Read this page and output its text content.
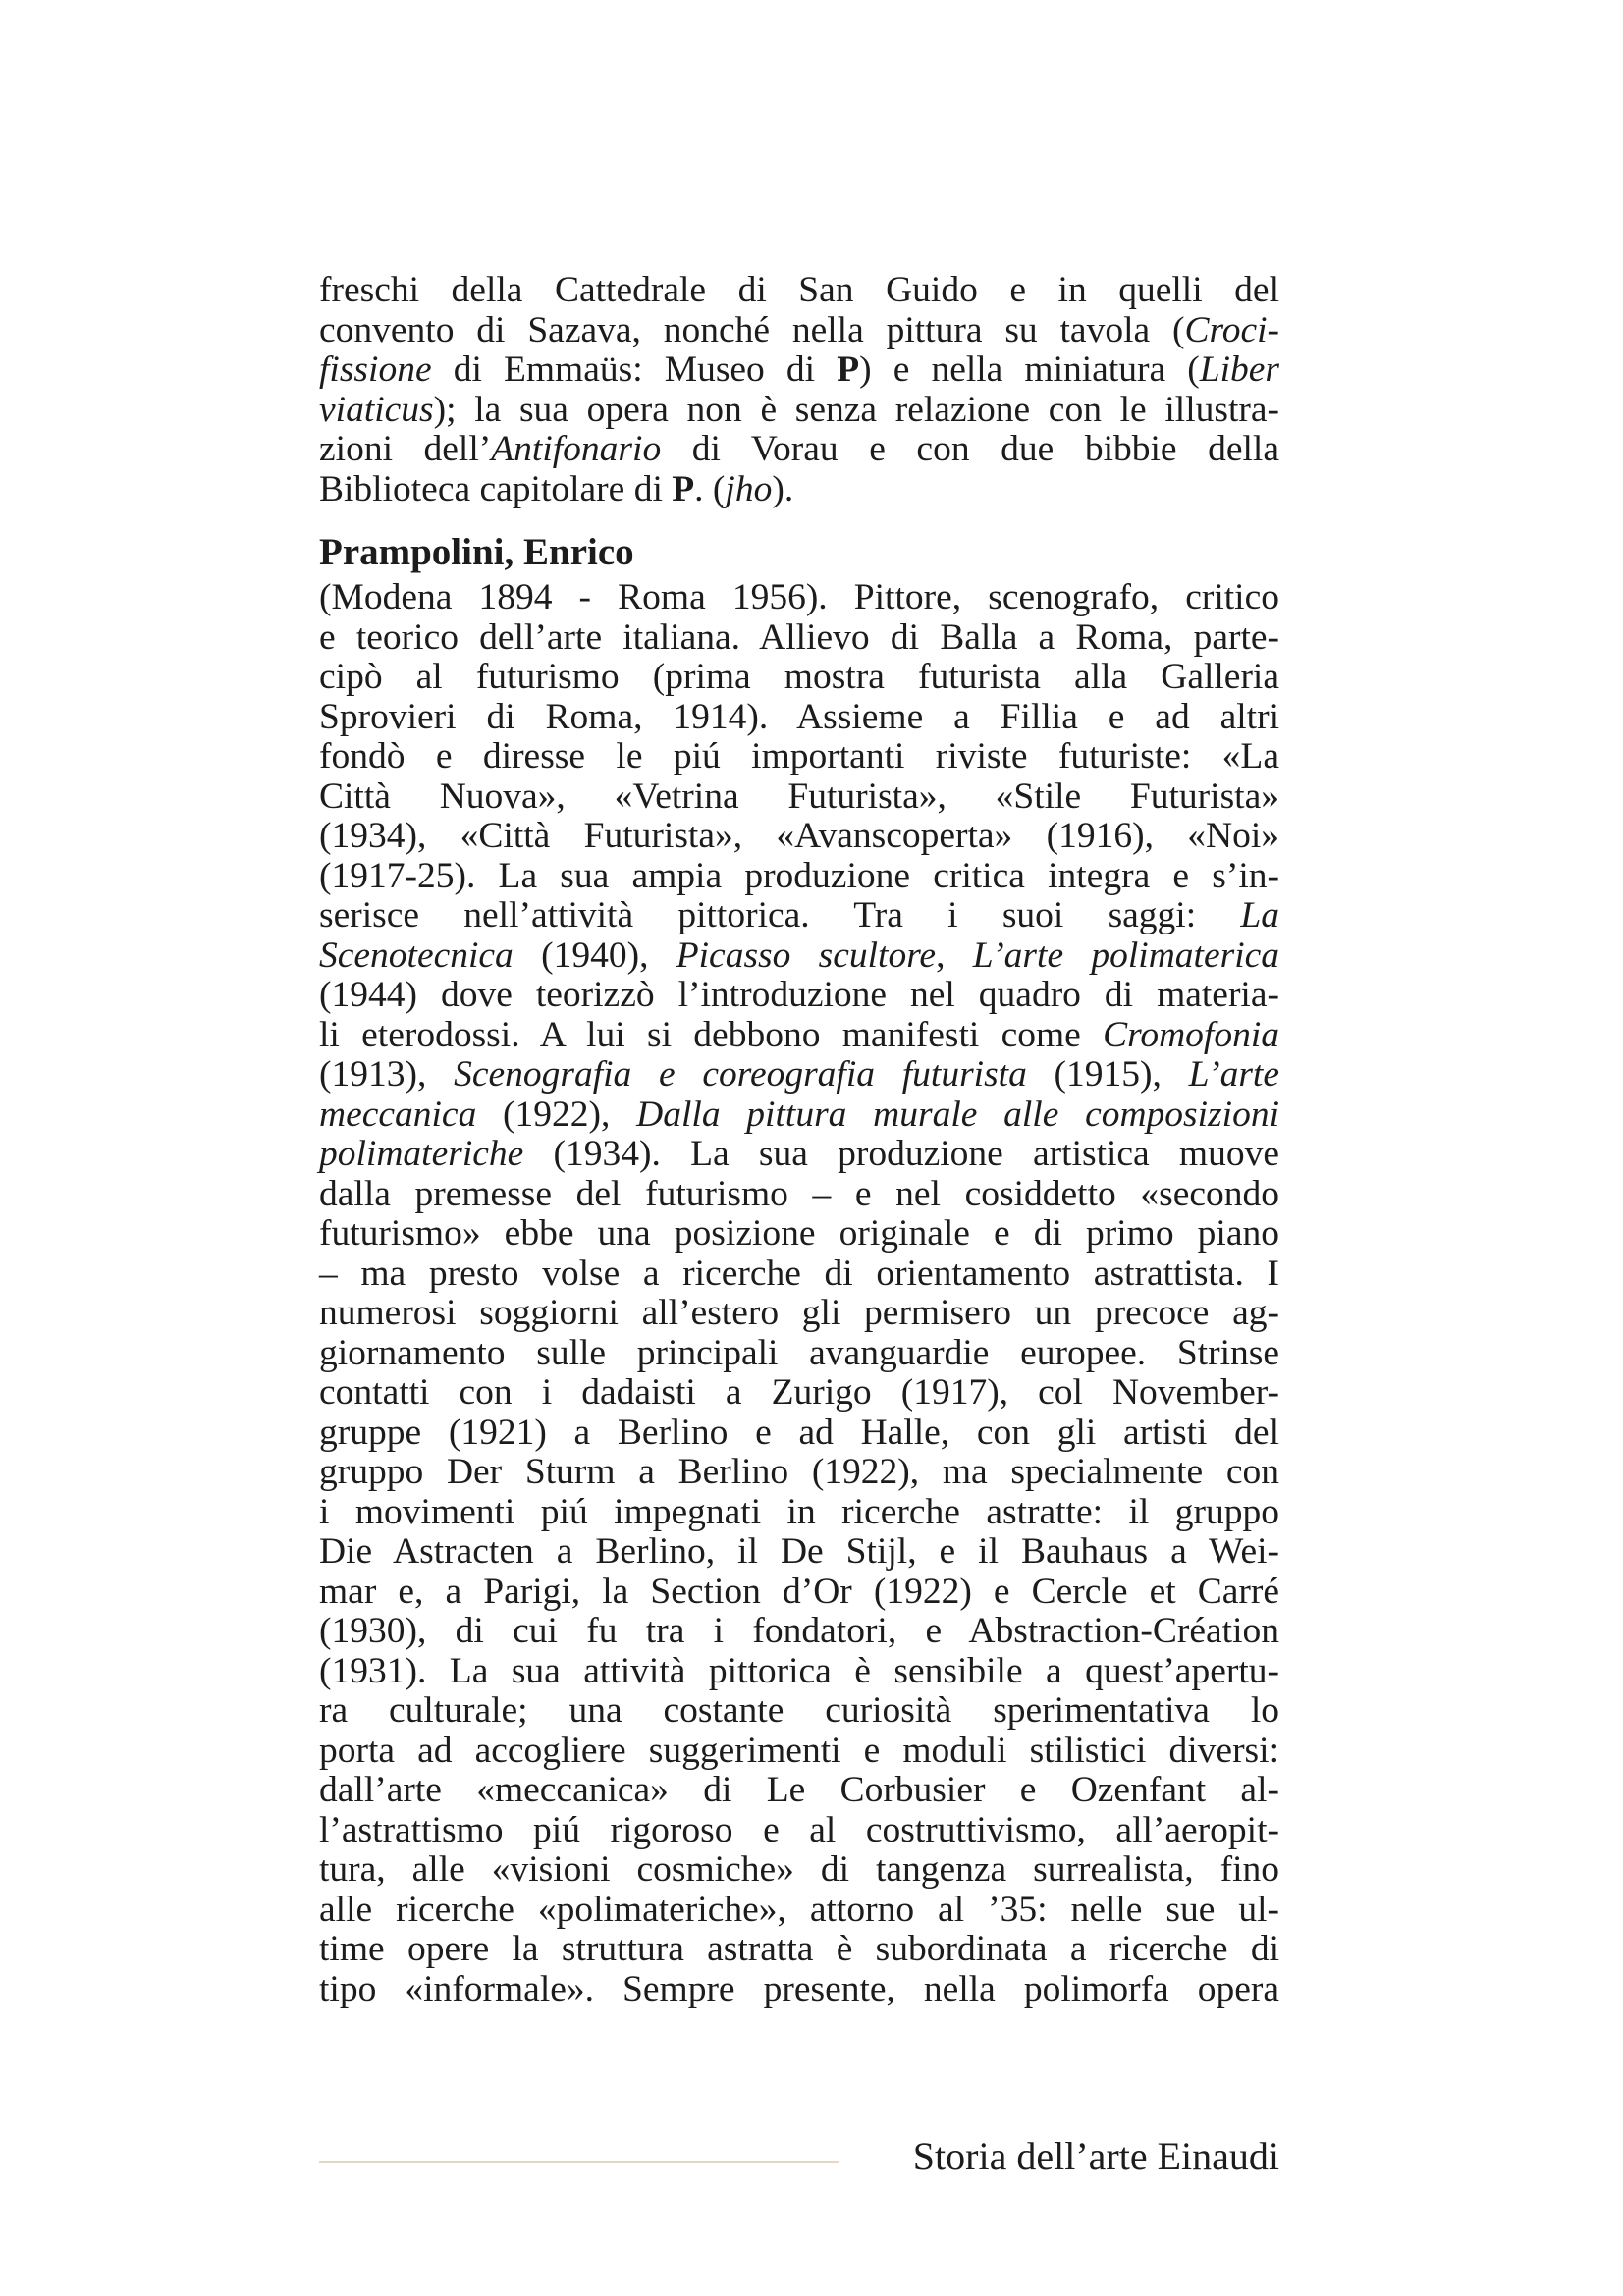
freschi della Cattedrale di San Guido e in quelli del
convento di Sazava, nonché nella pittura su tavola (Croci-
fissione di Emmaüs: Museo di P) e nella miniatura (Liber
viaticus); la sua opera non è senza relazione con le illustra-
zioni dell’Antifonario di Vorau e con due bibbie della
Biblioteca capitolare di P. (jho).
Prampolini, Enrico
(Modena 1894 - Roma 1956). Pittore, scenografo, critico
e teorico dell’arte italiana. Allievo di Balla a Roma, parte-
cipò al futurismo (prima mostra futurista alla Galleria
Sprovieri di Roma, 1914). Assieme a Fillia e ad altri
fondò e diresse le piú importanti riviste futuriste: «La
Città Nuova», «Vetrina Futurista», «Stile Futurista»
(1934), «Città Futurista», «Avanscoperta» (1916), «Noi»
(1917-25). La sua ampia produzione critica integra e s’in-
serisce nell’attività pittorica. Tra i suoi saggi: La
Scenotecnica (1940), Picasso scultore, L’arte polimaterica
(1944) dove teorizzò l’introduzione nel quadro di materia-
li eterodossi. A lui si debbono manifesti come Cromofonia
(1913), Scenografia e coreografia futurista (1915), L’arte
meccanica (1922), Dalla pittura murale alle composizioni
polimateriche (1934). La sua produzione artistica muove
dalla premesse del futurismo – e nel cosiddetto «secondo
futurismo» ebbe una posizione originale e di primo piano
– ma presto volse a ricerche di orientamento astrattista. I
numerosi soggiorni all’estero gli permisero un precoce ag-
giornamento sulle principali avanguardie europee. Strinse
contatti con i dadaisti a Zurigo (1917), col November-
gruppe (1921) a Berlino e ad Halle, con gli artisti del
gruppo Der Sturm a Berlino (1922), ma specialmente con
i movimenti piú impegnati in ricerche astratte: il gruppo
Die Astracten a Berlino, il De Stijl, e il Bauhaus a Wei-
mar e, a Parigi, la Section d’Or (1922) e Cercle et Carré
(1930), di cui fu tra i fondatori, e Abstraction-Création
(1931). La sua attività pittorica è sensibile a quest’apertu-
ra culturale; una costante curiosità sperimentativa lo
porta ad accogliere suggerimenti e moduli stilistici diversi:
dall’arte «meccanica» di Le Corbusier e Ozenfant al-
l’astrattismo piú rigoroso e al costruttivismo, all’aeropit-
tura, alle «visioni cosmiche» di tangenza surrealista, fino
alle ricerche «polimateriche», attorno al ’35: nelle sue ul-
time opere la struttura astratta è subordinata a ricerche di
tipo «informale». Sempre presente, nella polimorfa opera
Storia dell’arte Einaudi
